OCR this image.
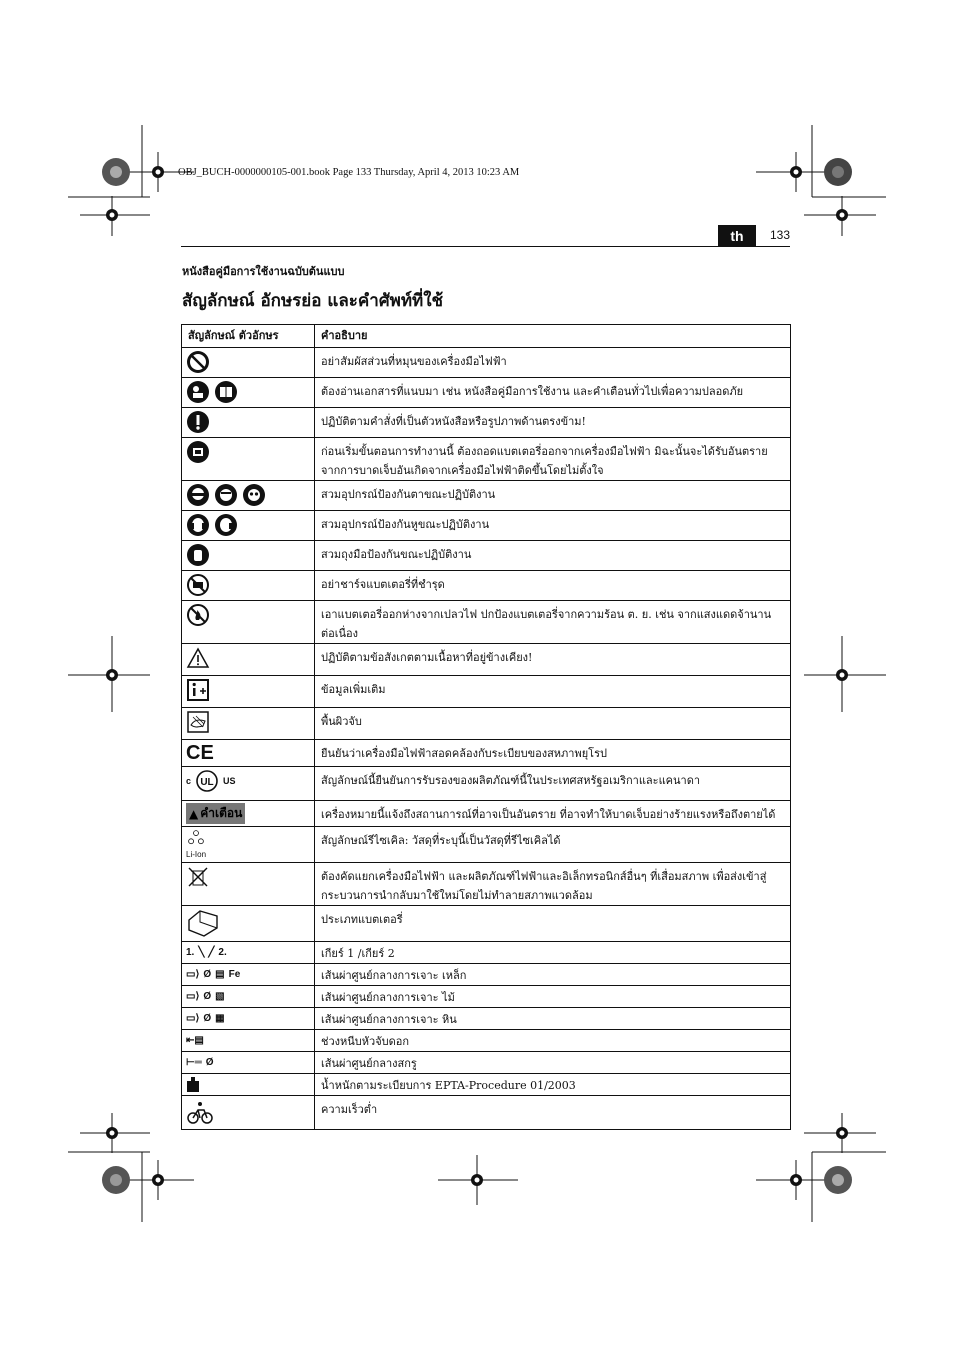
OBJ_BUCH-0000000105-001.book Page 133 Thursday, April 4, 2013 10:23 AM
th	133
หนังสือคู่มือการใช้งานฉบับต้นแบบ
สัญลักษณ์ อักษรย่อ และคำศัพท์ที่ใช้
สัญลักษณ์ ตัวอักษร	คำอธิบาย

	อย่าสัมผัสส่วนที่หมุนของเครื่องมือไฟฟ้า

	ต้องอ่านเอกสารที่แนบมา เช่น หนังสือคู่มือการใช้งาน และคำเตือนทั่วไปเพื่อความปลอดภัย

	ปฏิบัติตามคำสั่งที่เป็นตัวหนังสือหรือรูปภาพด้านตรงข้าม!

	ก่อนเริ่มขั้นตอนการทำงานนี้ ต้องถอดแบตเตอรี่ออกจากเครื่องมือไฟฟ้า มิฉะนั้นจะได้รับอันตรายจากการบาดเจ็บอันเกิดจากเครื่องมือไฟฟ้าติดขึ้นโดยไม่ตั้งใจ

	สวมอุปกรณ์ป้องกันตาขณะปฏิบัติงาน

	สวมอุปกรณ์ป้องกันหูขณะปฏิบัติงาน

	สวมถุงมือป้องกันขณะปฏิบัติงาน

	อย่าชาร์จแบตเตอรี่ที่ชำรุด

	เอาแบตเตอรี่ออกห่างจากเปลวไฟ ปกป้องแบตเตอรี่จากความร้อน ต. ย. เช่น จากแสงแดดจ้านานต่อเนื่อง

	ปฏิบัติตามข้อสังเกตตามเนื้อหาที่อยู่ข้างเคียง!

	ข้อมูลเพิ่มเติม

	พื้นผิวจับ

CE	ยืนยันว่าเครื่องมือไฟฟ้าสอดคล้องกับระเบียบของสหภาพยุโรป

c UL US	สัญลักษณ์นี้ยืนยันการรับรองของผลิตภัณฑ์นี้ในประเทศสหรัฐอเมริกาและแคนาดา

▲ คำเตือน	เครื่องหมายนี้แจ้งถึงสถานการณ์ที่อาจเป็นอันตราย ที่อาจทำให้บาดเจ็บอย่างร้ายแรงหรือถึงตายได้

Li-Ion	สัญลักษณ์รีไซเคิล: วัสดุที่ระบุนี้เป็นวัสดุที่รีไซเคิลได้

	ต้องคัดแยกเครื่องมือไฟฟ้า และผลิตภัณฑ์ไฟฟ้าและอิเล็กทรอนิกส์อื่นๆ ที่เสื่อมสภาพ เพื่อส่งเข้าสู่กระบวนการนำกลับมาใช้ใหม่โดยไม่ทำลายสภาพแวดล้อม

	ประเภทแบตเตอรี่

1. ╲ ╱ 2.	เกียร์ 1 /เกียร์ 2

▭⟩ Ø ▤ Fe	เส้นผ่าศูนย์กลางการเจาะ เหล็ก

▭⟩ Ø ▧	เส้นผ่าศูนย์กลางการเจาะ ไม้

▭⟩ Ø ▦	เส้นผ่าศูนย์กลางการเจาะ หิน

⇤▤	ช่วงหนีบหัวจับดอก

⊢═ Ø	เส้นผ่าศูนย์กลางสกรู

	น้ำหนักตามระเบียบการ EPTA-Procedure 01/2003

	ความเร็วต่ำ
